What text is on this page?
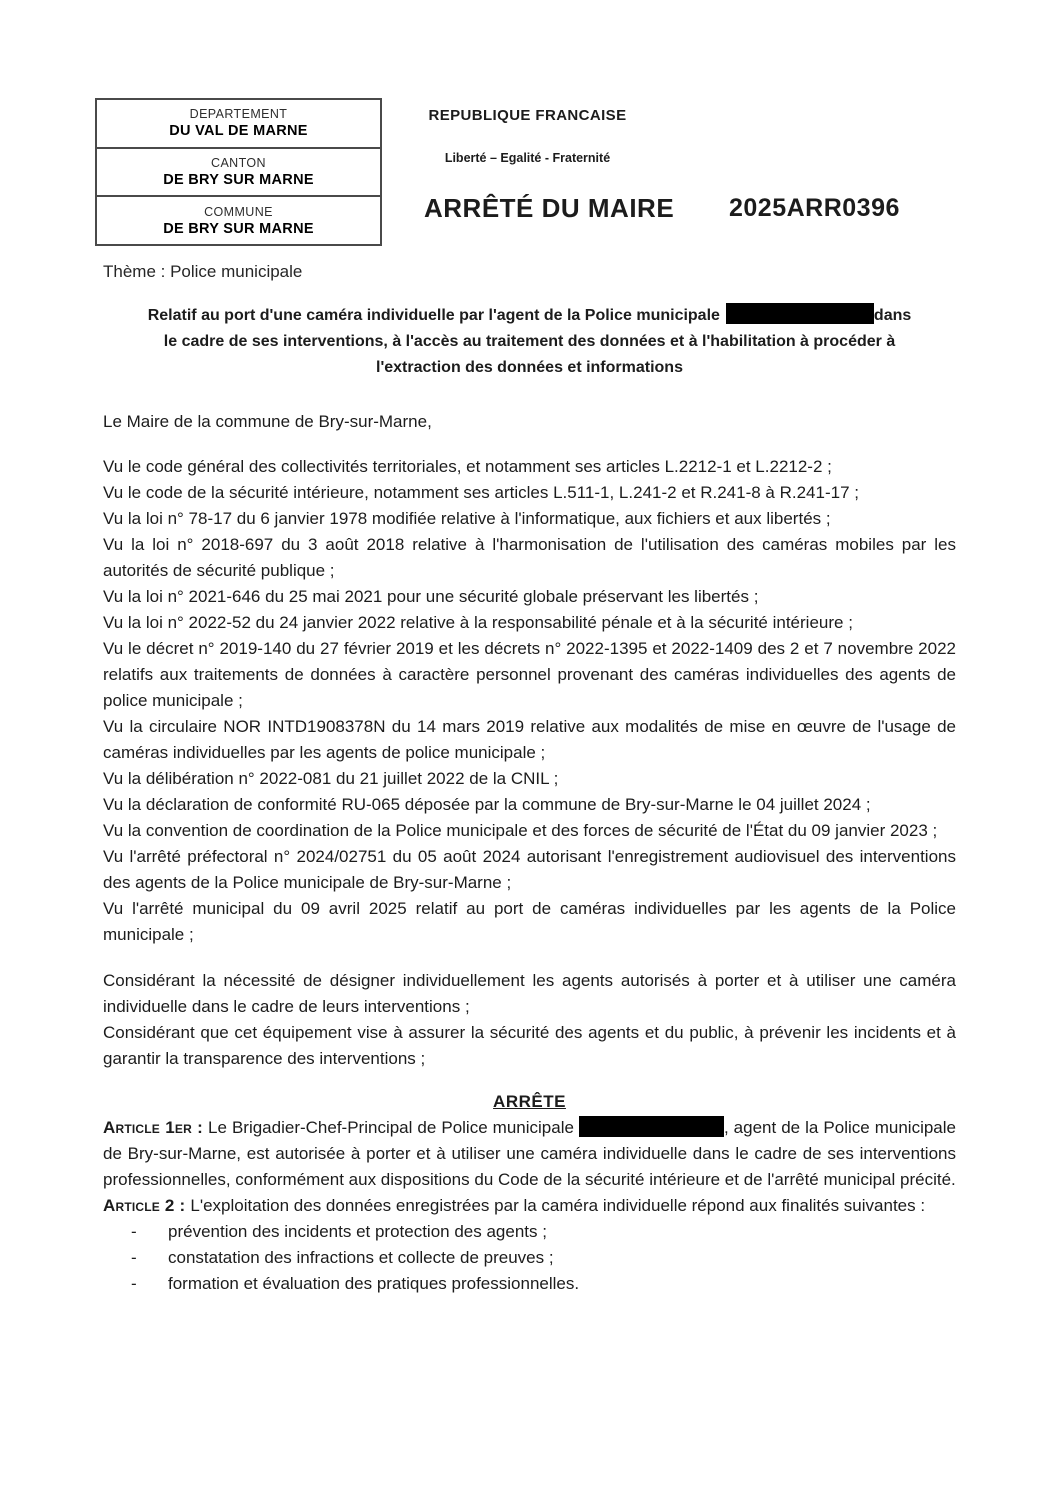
DEPARTEMENT
DU VAL DE MARNE
CANTON
DE BRY SUR MARNE
COMMUNE
DE BRY SUR MARNE
REPUBLIQUE FRANCAISE
Liberté – Egalité - Fraternité
ARRÊTÉ DU MAIRE 2025ARR0396
Thème : Police municipale
Relatif au port d'une caméra individuelle par l'agent de la Police municipale	dans
le cadre de ses interventions, à l'accès au traitement des données et à l'habilitation à procéder à
l'extraction des données et informations

Le Maire de la commune de Bry-sur-Marne,

Vu le code général des collectivités territoriales, et notamment ses articles L.2212-1 et L.2212-2 ;

Vu le code de la sécurité intérieure, notamment ses articles L.511-1, L.241-2 et R.241-8 à R.241-17 ;

Vu la loi n° 78-17 du 6 janvier 1978 modifiée relative à l'informatique, aux fichiers et aux libertés ;

Vu la loi n° 2018-697 du 3 août 2018 relative à l'harmonisation de l'utilisation des caméras mobiles par les autorités de sécurité publique ;

Vu la loi n° 2021-646 du 25 mai 2021 pour une sécurité globale préservant les libertés ;

Vu la loi n° 2022-52 du 24 janvier 2022 relative à la responsabilité pénale et à la sécurité intérieure ;

Vu le décret n° 2019-140 du 27 février 2019 et les décrets n° 2022-1395 et 2022-1409 des 2 et 7 novembre 2022 relatifs aux traitements de données à caractère personnel provenant des caméras individuelles des agents de police municipale ;

Vu la circulaire NOR INTD1908378N du 14 mars 2019 relative aux modalités de mise en œuvre de l'usage de caméras individuelles par les agents de police municipale ;

Vu la délibération n° 2022-081 du 21 juillet 2022 de la CNIL ;

Vu la déclaration de conformité RU-065 déposée par la commune de Bry-sur-Marne le 04 juillet 2024 ;

Vu la convention de coordination de la Police municipale et des forces de sécurité de l'État du 09 janvier 2023 ;

Vu l'arrêté préfectoral n° 2024/02751 du 05 août 2024 autorisant l'enregistrement audiovisuel des interventions des agents de la Police municipale de Bry-sur-Marne ;

Vu l'arrêté municipal du 09 avril 2025 relatif au port de caméras individuelles par les agents de la Police municipale ;

Considérant la nécessité de désigner individuellement les agents autorisés à porter et à utiliser une caméra individuelle dans le cadre de leurs interventions ;

Considérant que cet équipement vise à assurer la sécurité des agents et du public, à prévenir les incidents et à garantir la transparence des interventions ;

ARRÊTE

Article 1er : Le Brigadier-Chef-Principal de Police municipale	, agent de la Police municipale de Bry-sur-Marne, est autorisée à porter et à utiliser une caméra individuelle dans le cadre de ses interventions professionnelles, conformément aux dispositions du Code de la sécurité intérieure et de l'arrêté municipal précité.

Article 2 : L'exploitation des données enregistrées par la caméra individuelle répond aux finalités suivantes :

- prévention des incidents et protection des agents ;
- constatation des infractions et collecte de preuves ;
- formation et évaluation des pratiques professionnelles.
